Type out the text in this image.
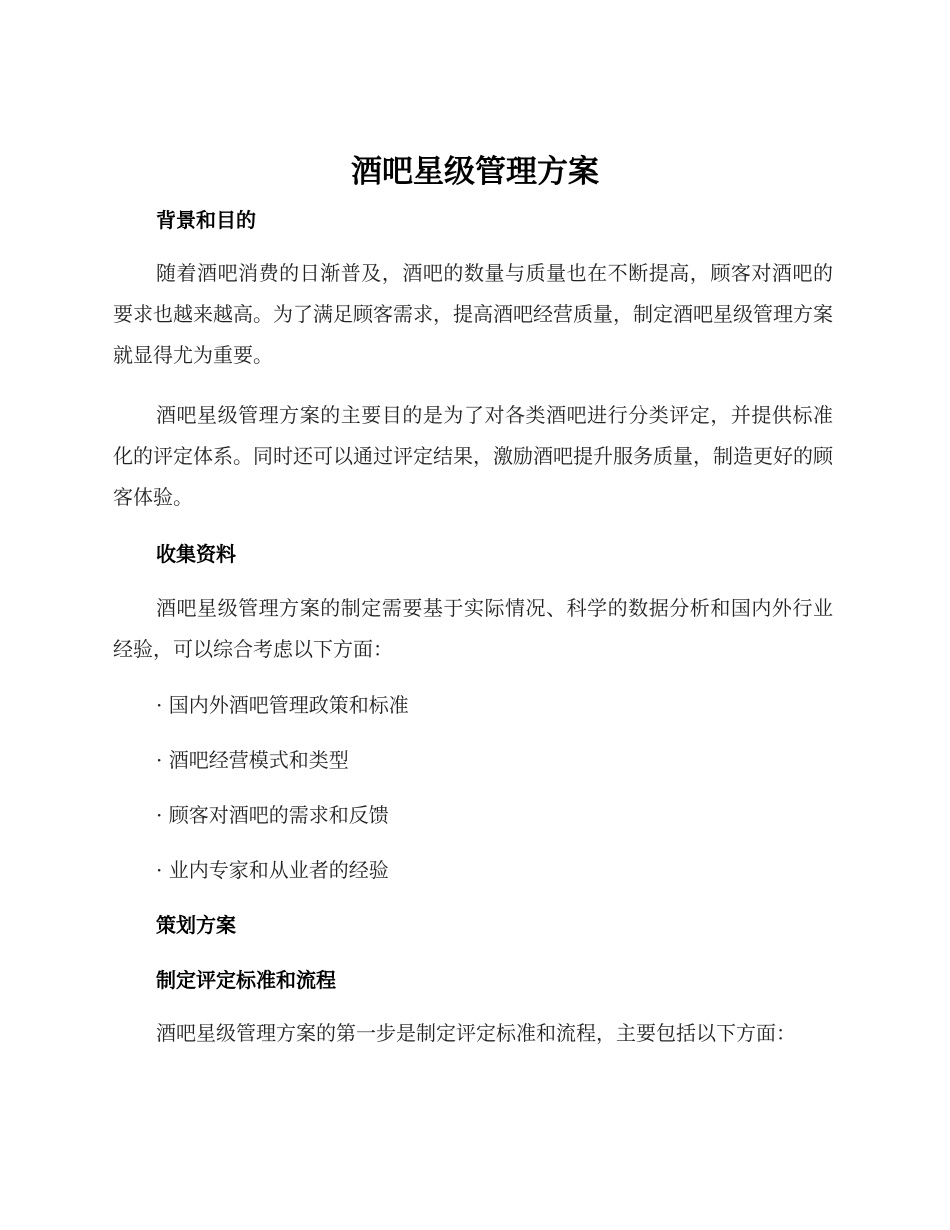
酒吧星级管理方案
背景和目的

随着酒吧消费的日渐普及，酒吧的数量与质量也在不断提高，顾客对酒吧的要求也越来越高。为了满足顾客需求，提高酒吧经营质量，制定酒吧星级管理方案就显得尤为重要。

酒吧星级管理方案的主要目的是为了对各类酒吧进行分类评定，并提供标准化的评定体系。同时还可以通过评定结果，激励酒吧提升服务质量，制造更好的顾客体验。

收集资料

酒吧星级管理方案的制定需要基于实际情况、科学的数据分析和国内外行业经验，可以综合考虑以下方面：

· 国内外酒吧管理政策和标准

· 酒吧经营模式和类型

· 顾客对酒吧的需求和反馈

· 业内专家和从业者的经验

策划方案
制定评定标准和流程

酒吧星级管理方案的第一步是制定评定标准和流程，主要包括以下方面：
